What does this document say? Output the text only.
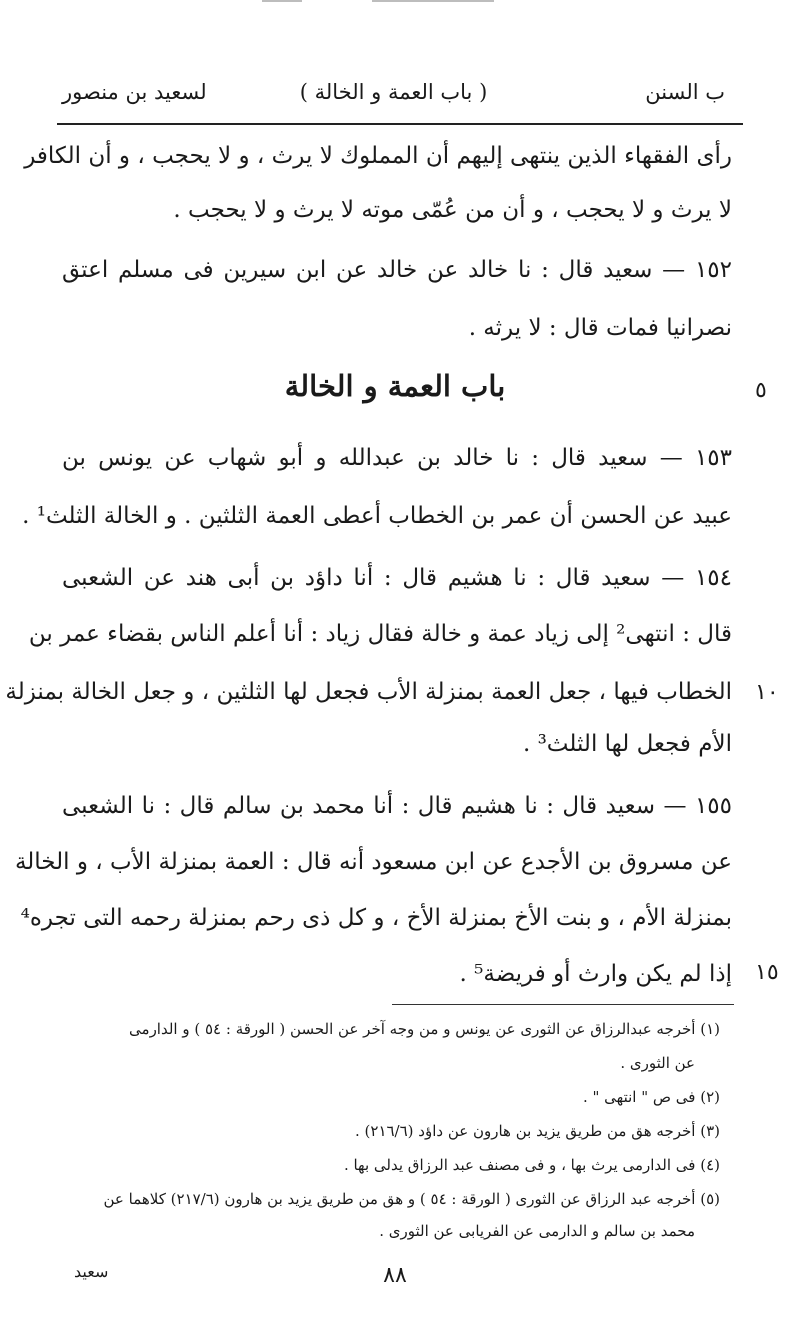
ب السنن
( باب العمة و الخالة )
لسعيد بن منصور
رأى الفقهاء الذين ينتهى إليهم أن المملوك لا يرث ، و لا يحجب ، و أن الكافر
لا يرث و لا يحجب ، و أن من عُمّى موته لا يرث و لا يحجب .
١٥٢ — سعيد قال : نا خالد عن خالد عن ابن سيرين فى مسلم اعتق
نصرانيا فمات قال : لا يرثه .
باب العمة و الخالة	٥
١٥٣ — سعيد قال : نا خالد بن عبدالله و أبو شهاب عن يونس بن
عبيد عن الحسن أن عمر بن الخطاب أعطى العمة الثلثين . و الخالة الثلث¹ .
١٥٤ — سعيد قال : نا هشيم قال : أنا داؤد بن أبى هند عن الشعبى
قال : انتهى² إلى زياد عمة و خالة فقال زياد : أنا أعلم الناس بقضاء عمر بن
الخطاب فيها ، جعل العمة بمنزلة الأب فجعل لها الثلثين ، و جعل الخالة بمنزلة ١٠
الأم فجعل لها الثلث³ .
١٥٥ — سعيد قال : نا هشيم قال : أنا محمد بن سالم قال : نا الشعبى
عن مسروق بن الأجدع عن ابن مسعود أنه قال : العمة بمنزلة الأب ، و الخالة
بمنزلة الأم ، و بنت الأخ بمنزلة الأخ ، و كل ذى رحم بمنزلة رحمه التى تجره⁴
إذا لم يكن وارث أو فريضة⁵ . ١٥
(١) أخرجه عبدالرزاق عن الثورى عن يونس و من وجه آخر عن الحسن ( الورقة : ٥٤ ) و الدارمى
عن الثورى .
(٢) فى ص " انتهى " .
(٣) أخرجه هق من طريق يزيد بن هارون عن داؤد (٢١٦/٦) .
(٤) فى الدارمى يرث بها ، و فى مصنف عبد الرزاق يدلى بها .
(٥) أخرجه عبد الرزاق عن الثورى ( الورقة : ٥٤ ) و هق من طريق يزيد بن هارون (٢١٧/٦) كلاهما عن
محمد بن سالم و الدارمى عن الفريابى عن الثورى .
٨٨
سعيد
